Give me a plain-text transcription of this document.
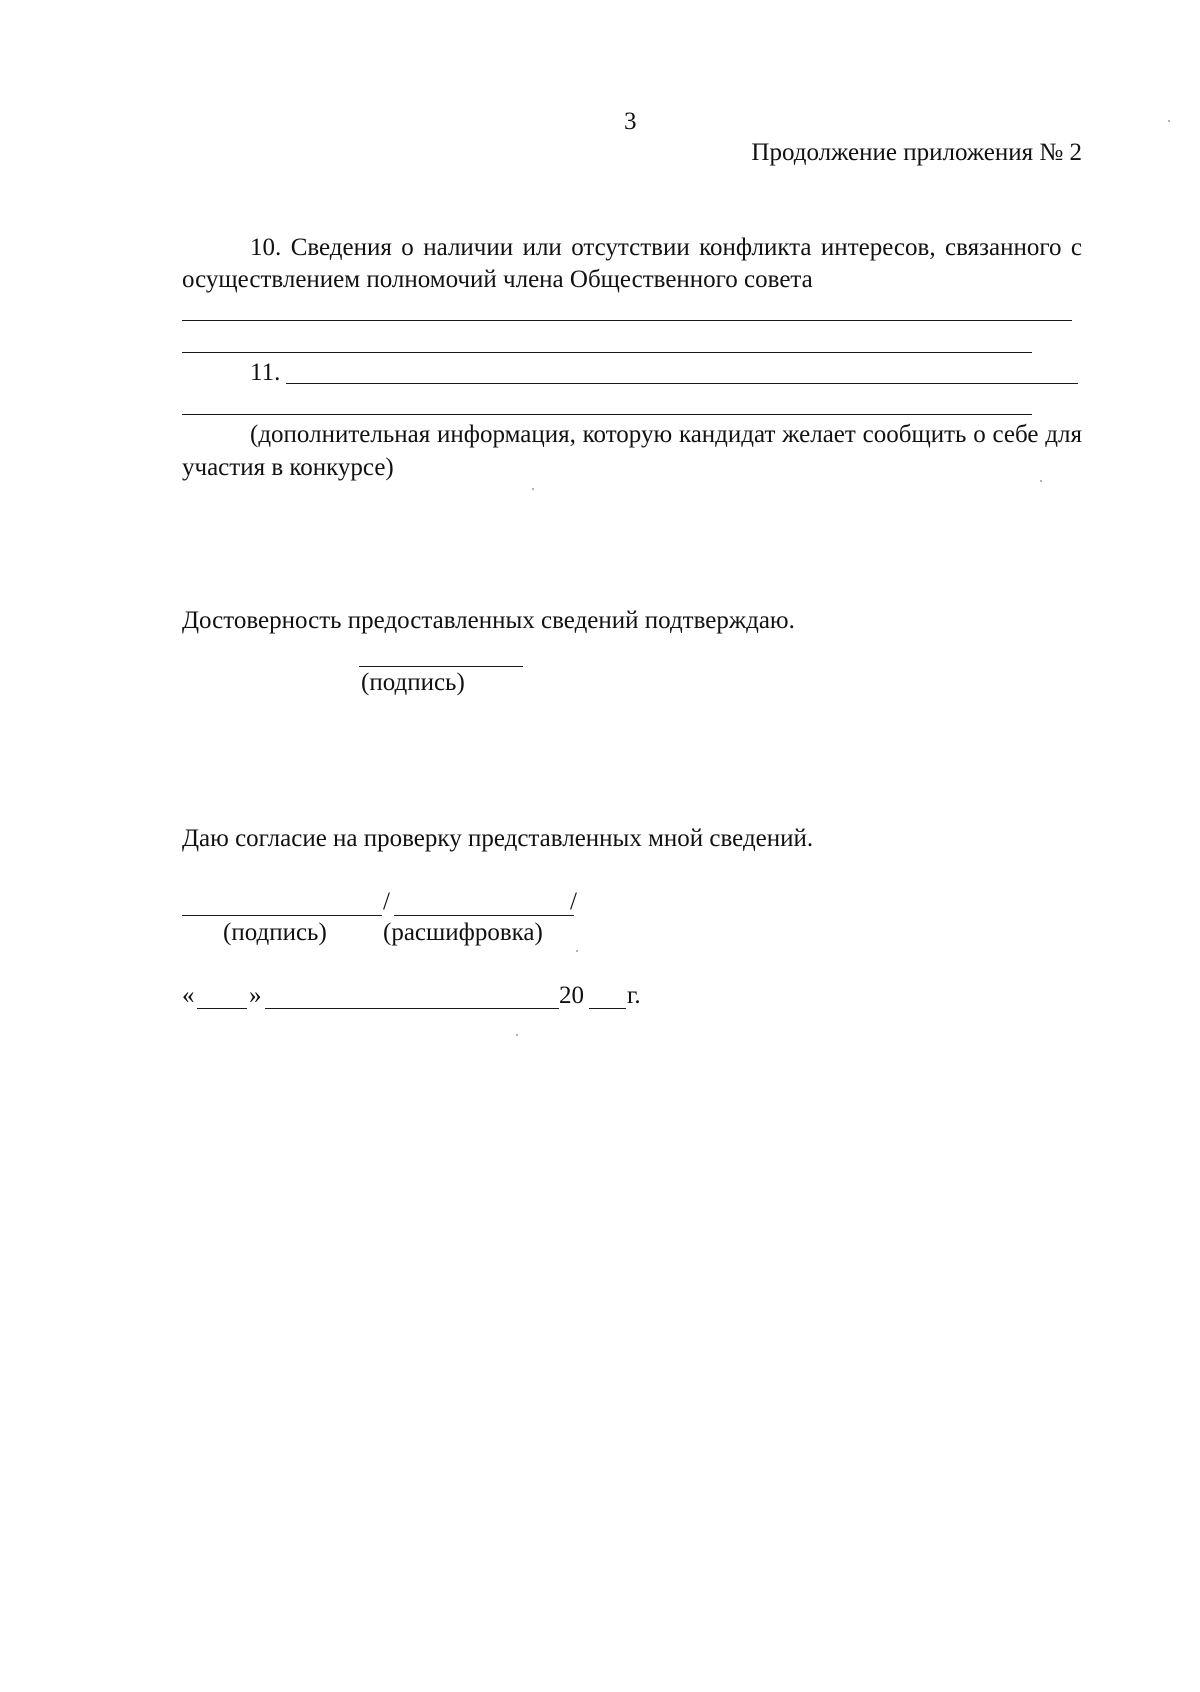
3
Продолжение приложения № 2
10. Сведения о наличии или отсутствии конфликта интересов, связанного с осуществлением полномочий члена Общественного совета
11.
(дополнительная информация, которую кандидат желает сообщить о себе для участия в конкурсе)
Достоверность предоставленных сведений подтверждаю.
(подпись)
Даю согласие на проверку представленных мной сведений.
/	/
(подпись) (расшифровка)
« »	20 г.
